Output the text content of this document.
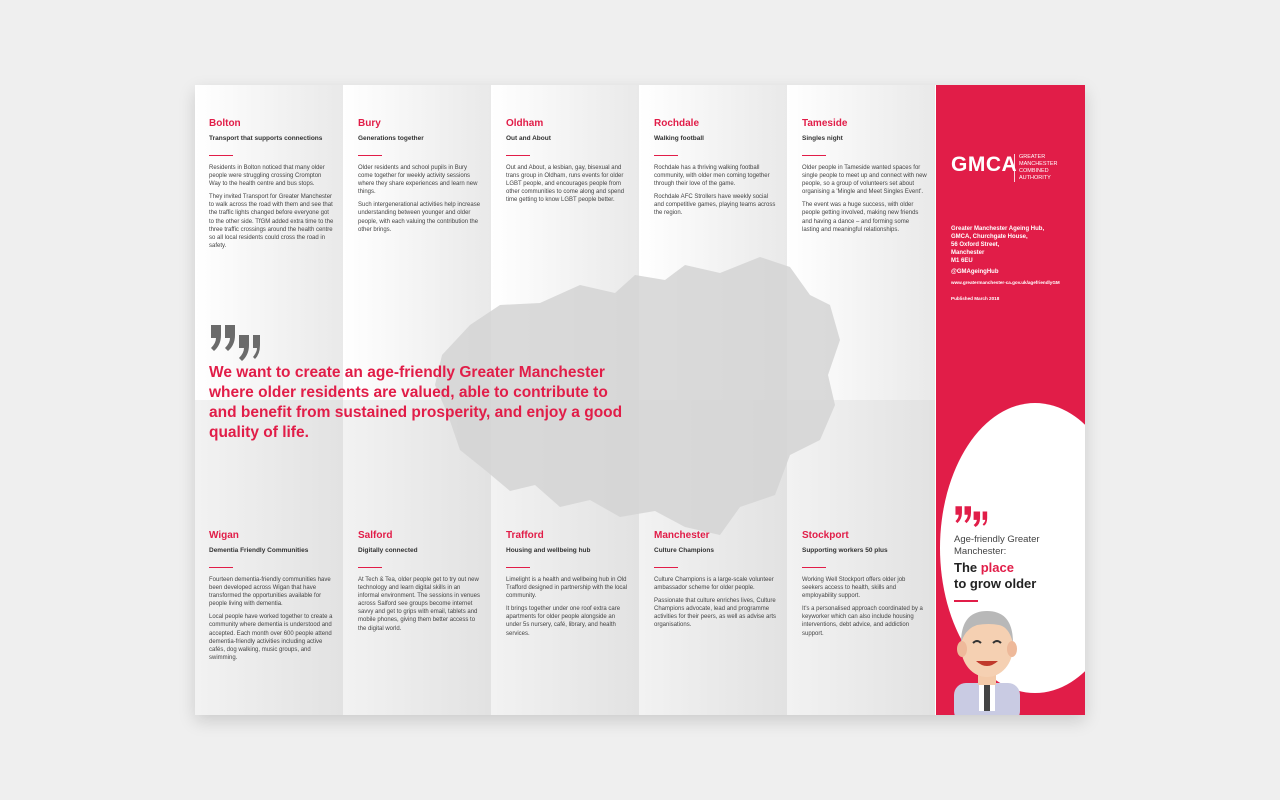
Bolton

Transport that supports connections

Residents in Bolton noticed that many older people were struggling crossing Crompton Way to the health centre and bus stops.

They invited Transport for Greater Manchester to walk across the road with them and see that the traffic lights changed before everyone got to the other side. TfGM added extra time to the three traffic crossings around the health centre so all local residents could cross the road in safety.

Bury

Generations together

Older residents and school pupils in Bury come together for weekly activity sessions where they share experiences and learn new things.

Such intergenerational activities help increase understanding between younger and older people, with each valuing the contribution the other brings.

Oldham

Out and About

Out and About, a lesbian, gay, bisexual and trans group in Oldham, runs events for older LGBT people, and encourages people from other communities to come along and spend time getting to know LGBT people better.

Rochdale

Walking football

Rochdale has a thriving walking football community, with older men coming together through their love of the game.

Rochdale AFC Strollers have weekly social and competitive games, playing teams across the region.

Tameside

Singles night

Older people in Tameside wanted spaces for single people to meet up and connect with new people, so a group of volunteers set about organising a 'Mingle and Meet Singles Event'.

The event was a huge success, with older people getting involved, making new friends and having a dance – and forming some lasting and meaningful relationships.

We want to create an age-friendly Greater Manchester where older residents are valued, able to contribute to and benefit from sustained prosperity, and enjoy a good quality of life.

Wigan

Dementia Friendly Communities

Fourteen dementia-friendly communities have been developed across Wigan that have transformed the opportunities available for people living with dementia.

Local people have worked together to create a community where dementia is understood and accepted. Each month over 600 people attend dementia-friendly activities including active cafés, dog walking, music groups, and swimming.

Salford

Digitally connected

At Tech & Tea, older people get to try out new technology and learn digital skills in an informal environment. The sessions in venues across Salford see groups become internet savvy and get to grips with email, tablets and mobile phones, giving them better access to the digital world.

Trafford

Housing and wellbeing hub

Limelight is a health and wellbeing hub in Old Trafford designed in partnership with the local community.

It brings together under one roof extra care apartments for older people alongside an under 5s nursery, café, library, and health services.

Manchester

Culture Champions

Culture Champions is a large-scale volunteer ambassador scheme for older people.

Passionate that culture enriches lives, Culture Champions advocate, lead and programme activities for their peers, as well as advise arts organisations.

Stockport

Supporting workers 50 plus

Working Well Stockport offers older job seekers access to health, skills and employability support.

It's a personalised approach coordinated by a keyworker which can also include housing interventions, debt advice, and addiction support.

GMCA GREATER
MANCHESTER
COMBINED
AUTHORITY
Greater Manchester Ageing Hub,
GMCA, Churchgate House,
56 Oxford Street,
Manchester
M1 6EU
@GMAgeingHub
www.greatermanchester-ca.gov.uk/agefriendlyGM
Published March 2018

Age-friendly Greater Manchester:

The place
to grow older
